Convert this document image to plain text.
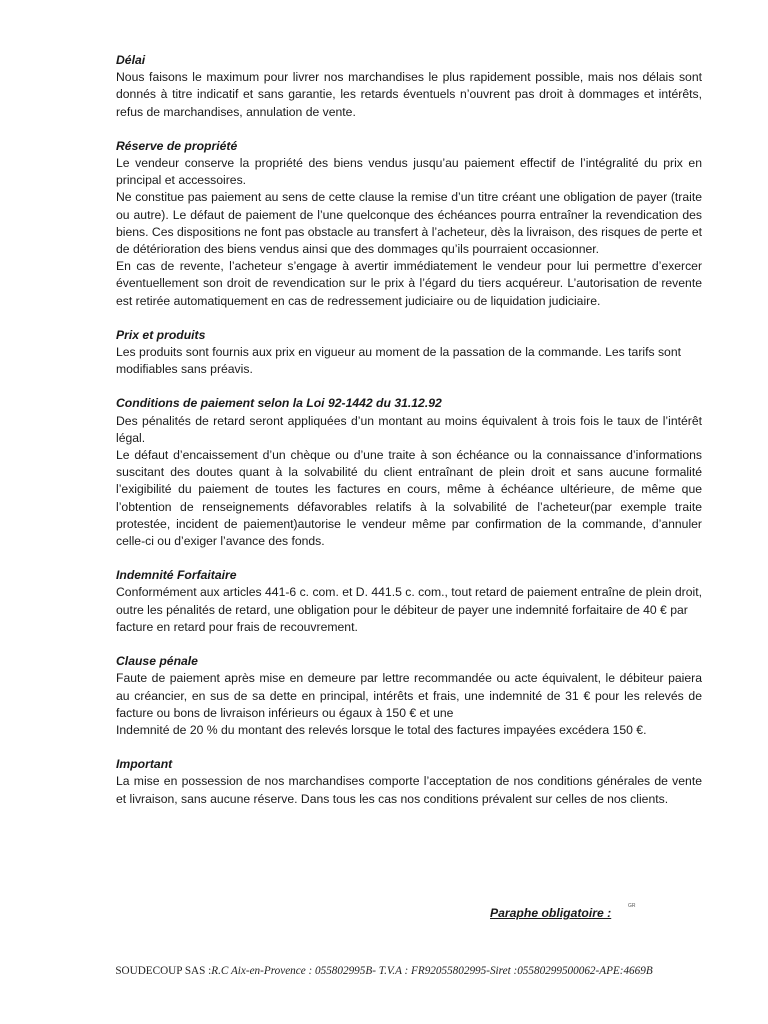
Délai

Nous faisons le maximum pour livrer nos marchandises le plus rapidement possible, mais nos délais sont donnés à titre indicatif et sans garantie, les retards éventuels n’ouvrent pas droit à dommages et intérêts, refus de marchandises, annulation de vente.

Réserve de propriété

Le vendeur conserve la propriété des biens vendus jusqu’au paiement effectif de l’intégralité du prix en principal et accessoires.

Ne constitue pas paiement au sens de cette clause la remise d’un titre créant une obligation de payer (traite ou autre). Le défaut de paiement de l’une quelconque des échéances pourra entraîner la revendication des biens. Ces dispositions ne font pas obstacle au transfert à l’acheteur, dès la livraison, des risques de perte et de détérioration des biens vendus ainsi que des dommages qu’ils pourraient occasionner.

En cas de revente, l’acheteur s’engage à avertir immédiatement le vendeur pour lui permettre d’exercer éventuellement son droit de revendication sur le prix à l’égard du tiers acquéreur. L’autorisation de revente est retirée automatiquement en cas de redressement judiciaire ou de liquidation judiciaire.

Prix et produits

Les produits sont fournis aux prix en vigueur au moment de la passation de la commande. Les tarifs sont modifiables sans préavis.

Conditions de paiement selon la Loi 92-1442 du 31.12.92

Des pénalités de retard seront appliquées d’un montant au moins équivalent à trois fois le taux de l’intérêt légal.

Le défaut d’encaissement d’un chèque ou d’une traite à son échéance ou la connaissance d’informations suscitant des doutes quant à la solvabilité du client entraînant de plein droit et sans aucune formalité l’exigibilité du paiement de toutes les factures en cours, même à échéance ultérieure, de même que l’obtention de renseignements défavorables relatifs à la solvabilité de l’acheteur(par exemple traite protestée, incident de paiement)autorise le vendeur même par confirmation de la commande, d’annuler celle-ci ou d’exiger l’avance des fonds.

Indemnité Forfaitaire

Conformément aux articles 441-6 c. com. et D. 441.5 c. com., tout retard de paiement entraîne de plein droit, outre les pénalités de retard, une obligation pour le débiteur de payer une indemnité forfaitaire de 40 € par facture en retard pour frais de recouvrement.

Clause pénale

Faute de paiement après mise en demeure par lettre recommandée ou acte équivalent, le débiteur paiera au créancier, en sus de sa dette en principal, intérêts et frais, une indemnité de 31 € pour les relevés de facture ou bons de livraison inférieurs ou égaux à 150 € et une

Indemnité de 20 % du montant des relevés lorsque le total des factures impayées excédera 150 €.

Important

La mise en possession de nos marchandises comporte l’acceptation de nos conditions générales de vente et livraison, sans aucune réserve. Dans tous les cas nos conditions prévalent sur celles de nos clients.

Paraphe obligatoire :	GR
SOUDECOUP SAS :R.C Aix-en-Provence : 055802995B- T.V.A : FR92055802995-Siret :05580299500062-APE:4669B
